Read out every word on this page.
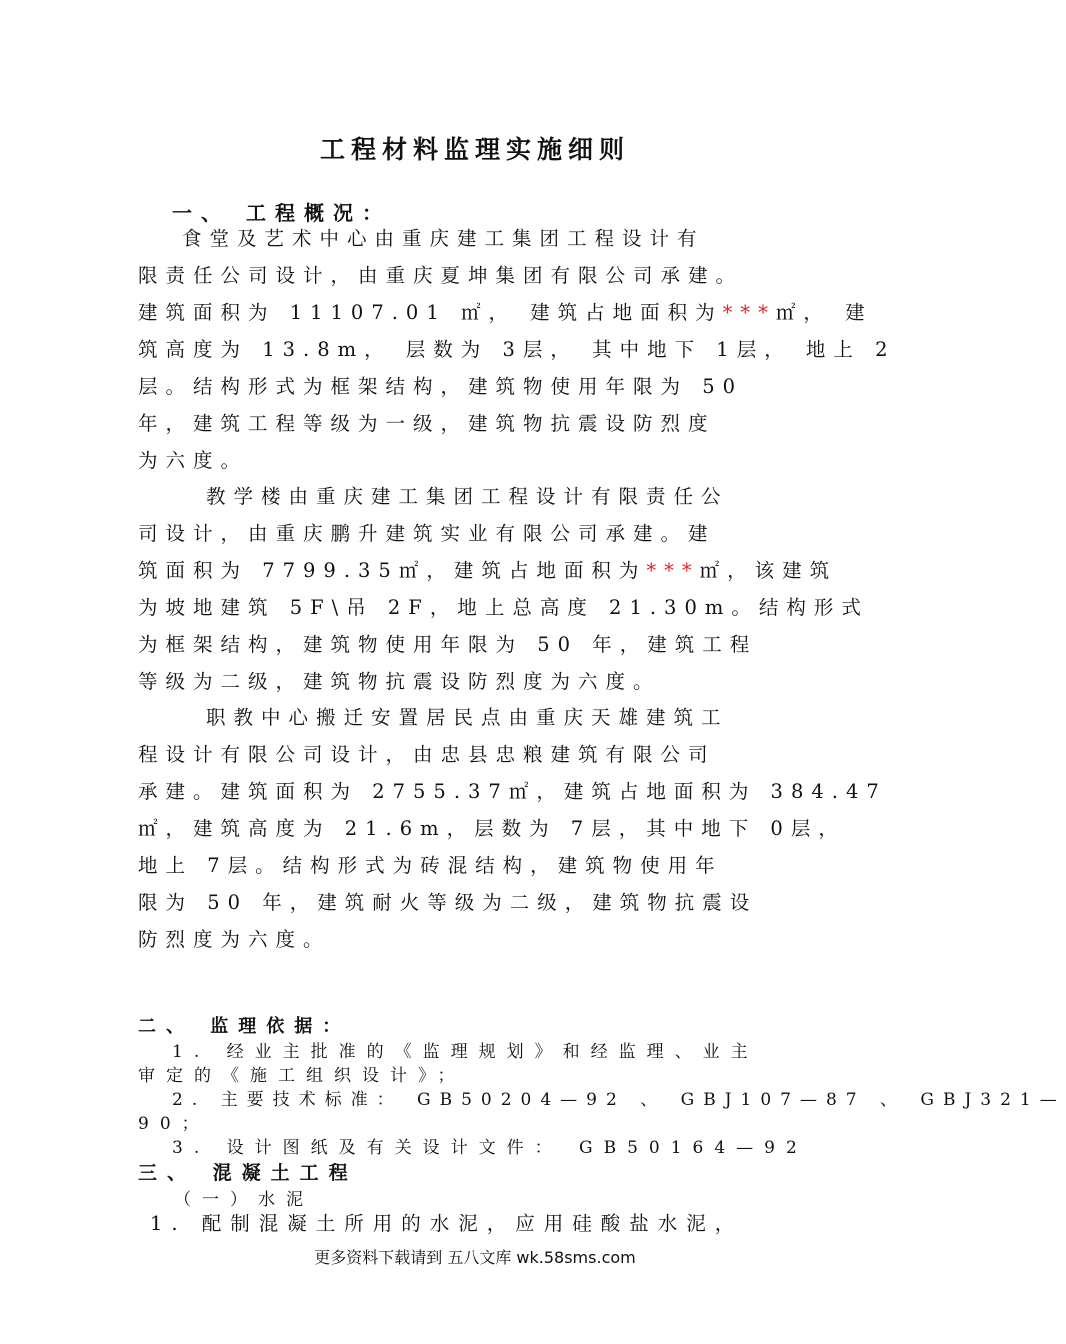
工程材料监理实施细则
一、 工程概况：
食堂及艺术中心由重庆建工集团工程设计有
限责任公司设计，由重庆夏坤集团有限公司承建。
建筑面积为 11107.01 ㎡， 建筑占地面积为***㎡， 建
筑高度为 13.8m， 层数为 3层， 其中地下 1层， 地上 2
层。结构形式为框架结构，建筑物使用年限为 50
年，建筑工程等级为一级，建筑物抗震设防烈度
为六度。
教学楼由重庆建工集团工程设计有限责任公
司设计，由重庆鹏升建筑实业有限公司承建。建
筑面积为 7799.35㎡，建筑占地面积为***㎡，该建筑
为坡地建筑 5F\吊 2F，地上总高度 21.30m。结构形式
为框架结构，建筑物使用年限为 50 年，建筑工程
等级为二级，建筑物抗震设防烈度为六度。
职教中心搬迁安置居民点由重庆天雄建筑工
程设计有限公司设计，由忠县忠粮建筑有限公司
承建。建筑面积为 2755.37㎡，建筑占地面积为 384.47
㎡，建筑高度为 21.6m，层数为 7层，其中地下 0层，
地上 7层。结构形式为砖混结构，建筑物使用年
限为 50 年，建筑耐火等级为二级，建筑物抗震设
防烈度为六度。
二、 监理依据：
1. 经业主批准的《监理规划》和经监理、业主
审定的《施工组织设计》；
2. 主要技术标准： GB50204—92 、 GBJ107—87 、 GBJ321—
90；
3. 设计图纸及有关设计文件： GB50164—92
三、 混凝土工程
（一）水泥
1. 配制混凝土所用的水泥，应用硅酸盐水泥，
更多资料下载请到 五八文库 wk.58sms.com
